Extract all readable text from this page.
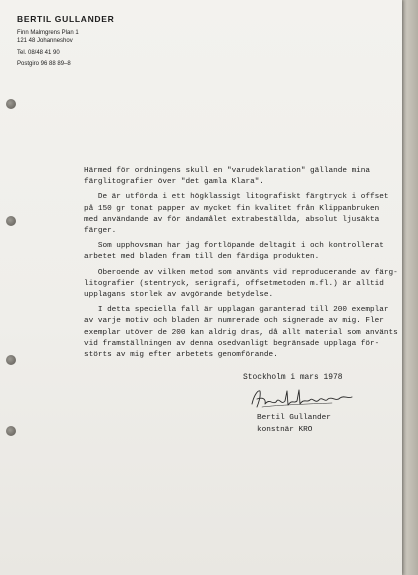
BERTIL GULLANDER
Finn Malmgrens Plan 1
121 48 Johanneshov
Tel. 08/48 41 90
Postgiro 96 88 89–8
Härmed för ordningens skull en "varudeklaration" gällande mina
färglitografier över "det gamla Klara".
De är utförda i ett högklassigt litografiskt färgtryck i offset
på 150 gr tonat papper av mycket fin kvalitet från Klippanbruken
med användande av för ändamålet extrabeställda, absolut ljusäkta
färger.
Som upphovsman har jag fortlöpande deltagit i och kontrollerat
arbetet med bladen fram till den färdiga produkten.
Oberoende av vilken metod som använts vid reproducerande av färg-
litografier (stentryck, serigrafi, offsetmetoden m.fl.) är alltid
upplagans storlek av avgörande betydelse.
I detta speciella fall är upplagan garanterad till 200 exemplar
av varje motiv och bladen är numrerade och signerade av mig. Fler
exemplar utöver de 200 kan aldrig dras, då allt material som använts
vid framställningen av denna osedvanligt begränsade upplaga för-
störts av mig efter arbetets genomförande.
Stockholm i mars 1978
Bertil Gullander
konstnär KRO
